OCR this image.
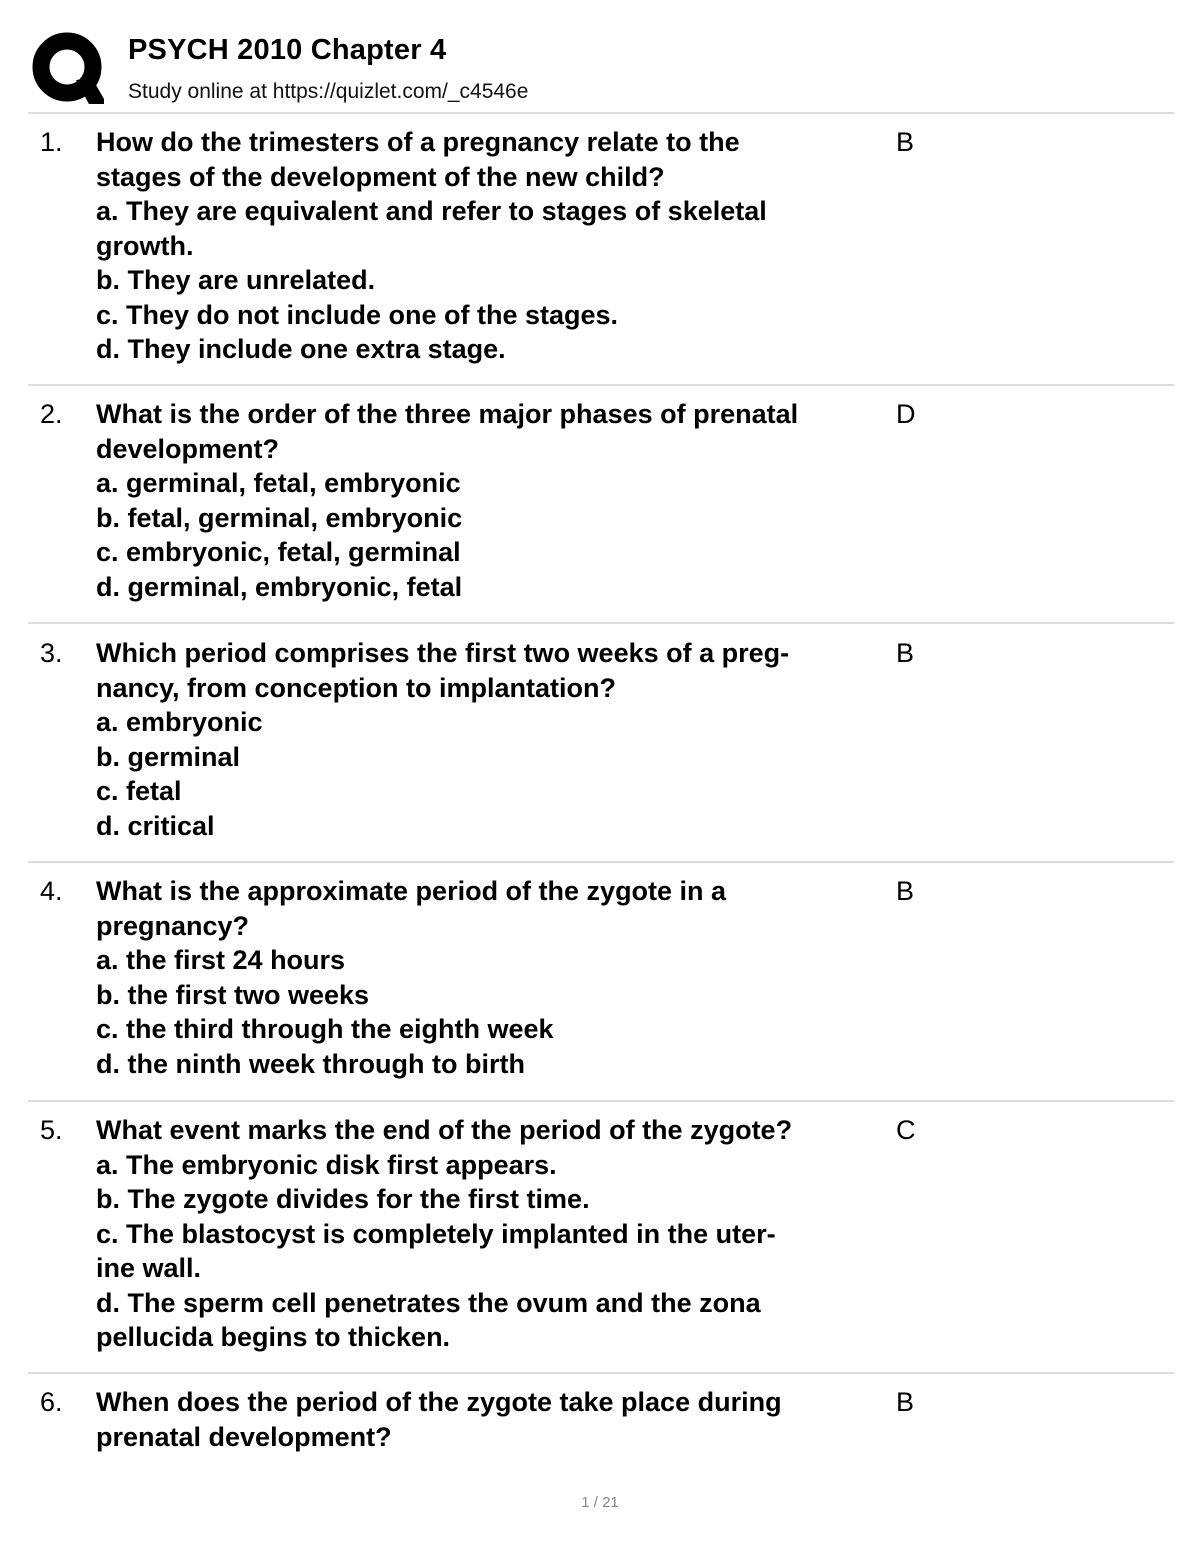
PSYCH 2010 Chapter 4
Study online at https://quizlet.com/_c4546e
1. How do the trimesters of a pregnancy relate to the
stages of the development of the new child?
a. They are equivalent and refer to stages of skeletal
growth.
b. They are unrelated.
c. They do not include one of the stages.
d. They include one extra stage.
B
2. What is the order of the three major phases of prenatal
development?
a. germinal, fetal, embryonic
b. fetal, germinal, embryonic
c. embryonic, fetal, germinal
d. germinal, embryonic, fetal
D
3. Which period comprises the first two weeks of a preg-
nancy, from conception to implantation?
a. embryonic
b. germinal
c. fetal
d. critical
B
4. What is the approximate period of the zygote in a
pregnancy?
a. the first 24 hours
b. the first two weeks
c. the third through the eighth week
d. the ninth week through to birth
B
5. What event marks the end of the period of the zygote?
a. The embryonic disk first appears.
b. The zygote divides for the first time.
c. The blastocyst is completely implanted in the uter-
ine wall.
d. The sperm cell penetrates the ovum and the zona
pellucida begins to thicken.
C
6. When does the period of the zygote take place during
prenatal development?
B
1 / 21
